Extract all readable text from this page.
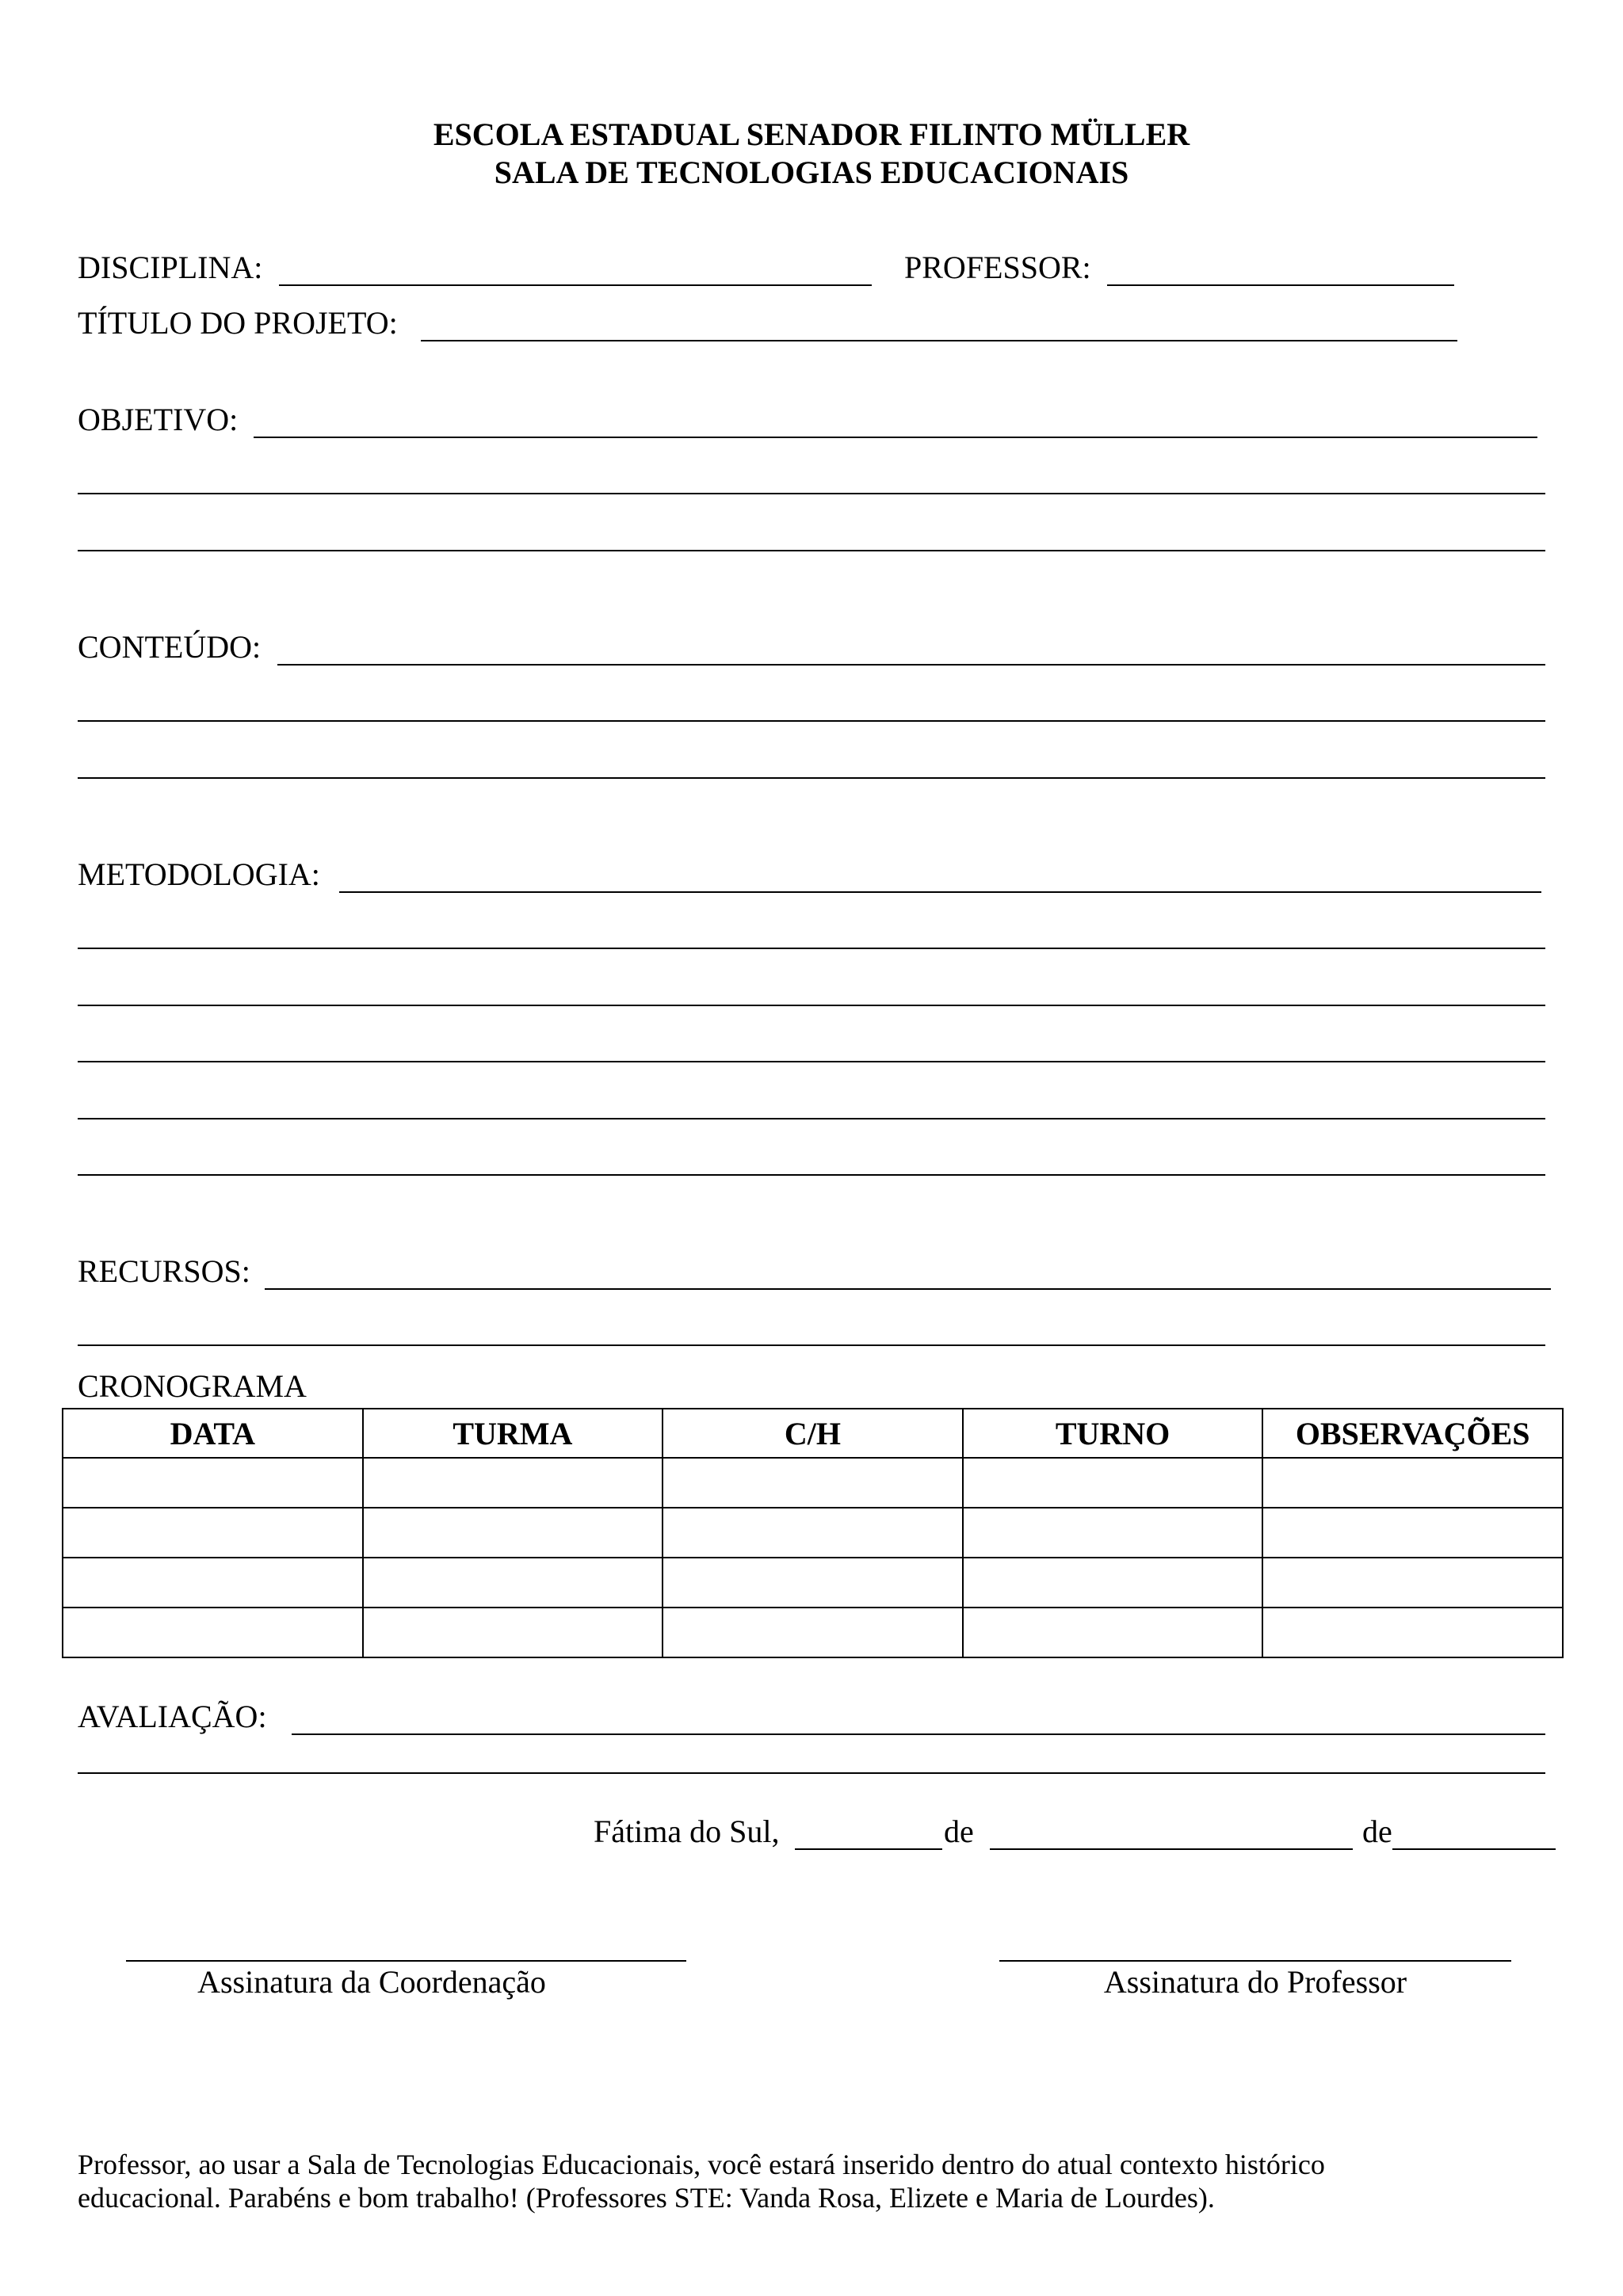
ESCOLA ESTADUAL SENADOR FILINTO MÜLLER
SALA DE TECNOLOGIAS EDUCACIONAIS
DISCIPLINA:	PROFESSOR:
TÍTULO DO PROJETO:
OBJETIVO:
CONTEÚDO:
METODOLOGIA:
RECURSOS:
CRONOGRAMA
DATA	TURMA	C/H	TURNO	OBSERVAÇÕES

AVALIAÇÃO:
Fátima do Sul,	de	de
Assinatura da Coordenação	Assinatura do Professor
Professor, ao usar a Sala de Tecnologias Educacionais, você estará inserido dentro do atual contexto histórico
educacional. Parabéns e bom trabalho! (Professores STE: Vanda Rosa, Elizete e Maria de Lourdes).
